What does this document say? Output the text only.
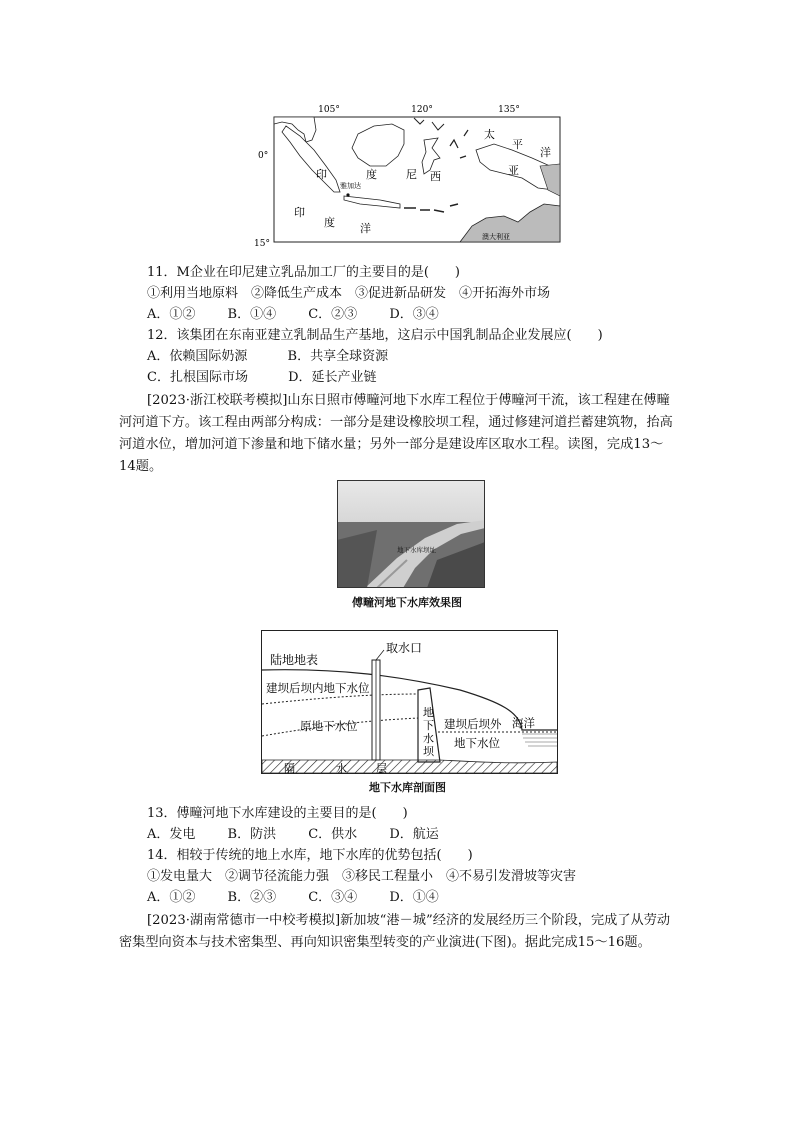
105°	120°	135°
0°
15°
太
平
洋
印	度	尼 西	亚
雅加达
印
度 洋
澳大利亚
11．M企业在印尼建立乳品加工厂的主要目的是(　　)
①利用当地原料　②降低生产成本　③促进新品研发　④开拓海外市场
A．①② B．①④ C．②③ D．③④
12．该集团在东南亚建立乳制品生产基地，这启示中国乳制品企业发展应(　　)
A．依赖国际奶源	B．共享全球资源
C．扎根国际市场	D．延长产业链
[2023·浙江校联考模拟]山东日照市傅疃河地下水库工程位于傅疃河干流，该工程建在傅疃河河道下方。该工程由两部分构成：一部分是建设橡胶坝工程，通过修建河道拦蓄建筑物，抬高河道水位，增加河道下渗量和地下储水量；另外一部分是建设库区取水工程。读图，完成13～14题。
地下水库坝址
傅疃河地下水库效果图
陆地地表
取水口
建坝后坝内地下水位
原地下水位
地
下
水
坝
建坝后坝外
地下水位
海洋
隔	水	层
地下水库剖面图
13．傅疃河地下水库建设的主要目的是(　　)
A．发电 B．防洪 C．供水 D．航运
14．相较于传统的地上水库，地下水库的优势包括(　　)
①发电量大　②调节径流能力强　③移民工程量小　④不易引发滑坡等灾害
A．①② B．②③ C．③④ D．①④
[2023·湖南常德市一中校考模拟]新加坡“港－城”经济的发展经历三个阶段，完成了从劳动密集型向资本与技术密集型、再向知识密集型转变的产业演进(下图)。据此完成15～16题。
